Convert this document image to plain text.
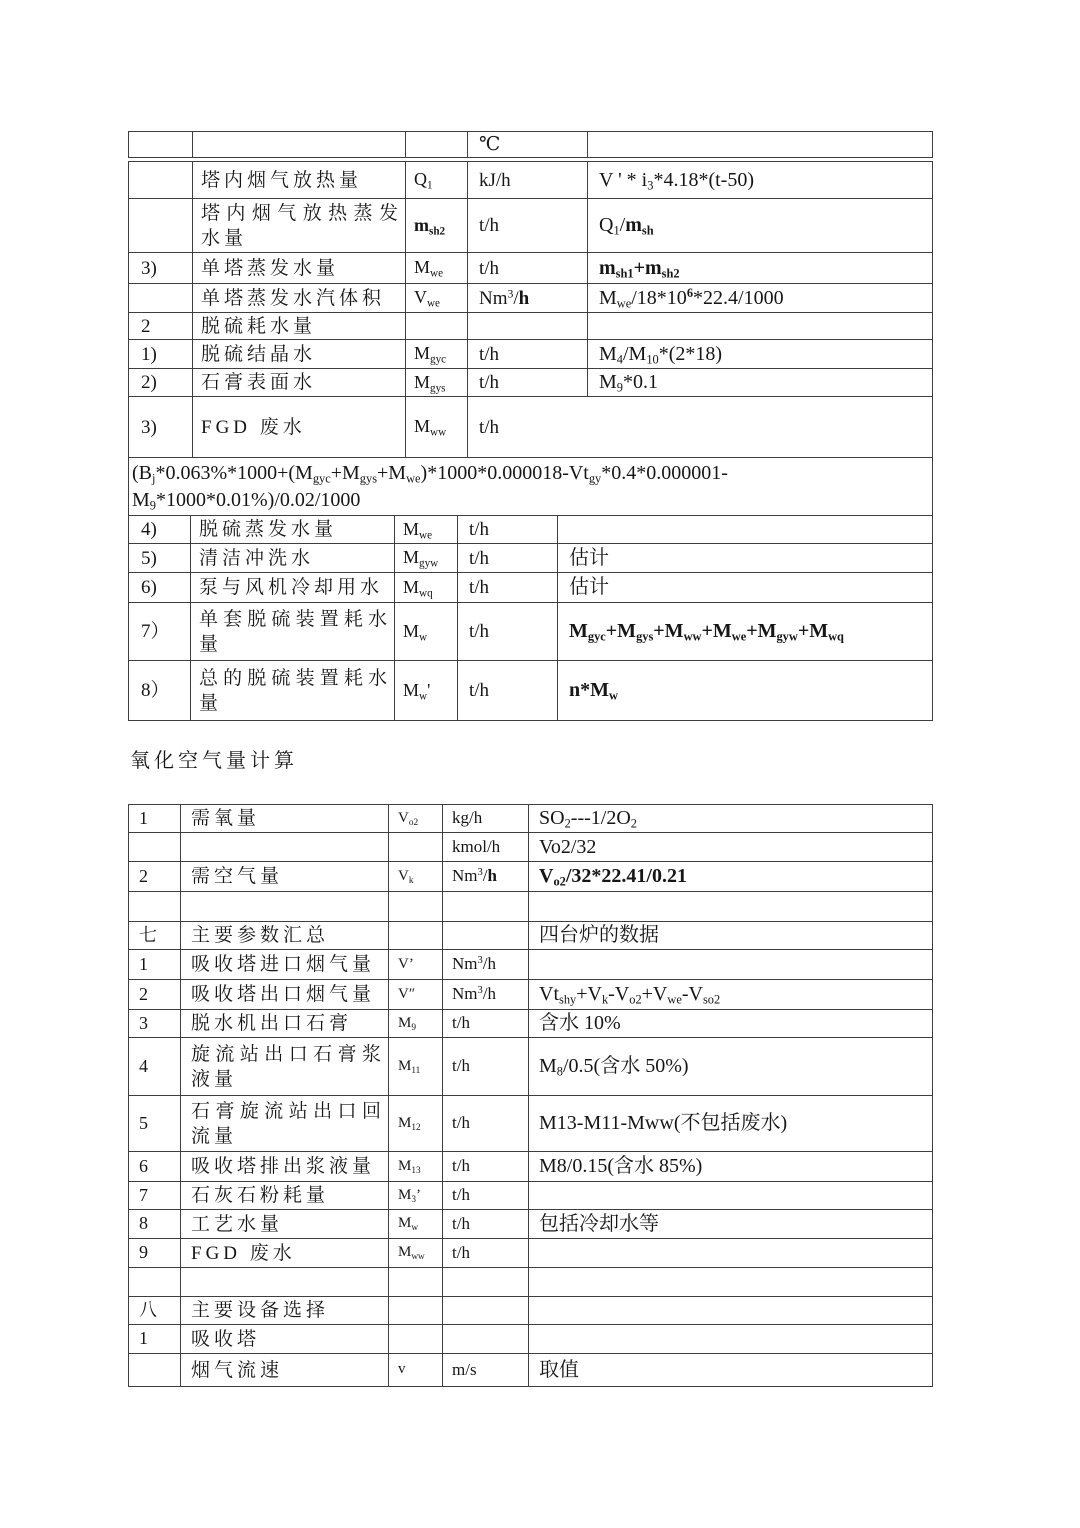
			℃	
	塔内烟气放热量	$Q_1$	kJ/h	V ' * $i_3*4.18*(t-50)$
	塔内烟气放热蒸发水量	$m_{sh2}$	t/h	$Q_1/m_{sh}$
3)	单塔蒸发水量	$M_{we}$	t/h	$m_{sh1}+m_{sh2}$
	单塔蒸发水汽体积	$V_{we}$	Nm$^3$/h	$M_{we}/18*10^6*22.4/1000$
2	脱硫耗水量			
1)	脱硫结晶水	$M_{gyc}$	t/h	$M_4/M_{10}*(2*18)$
2)	石膏表面水	$M_{gys}$	t/h	$M_9*0.1$
3)	FGD 废水	$M_{ww}$	t/h	
$(B_j*0.063\%*1000+(M_{gyc}+M_{gys}+M_{we})*1000*0.000018-Vt_{gy}*0.4*0.000001-M_9*1000*0.01\%)/0.02/1000$				
4)	脱硫蒸发水量	$M_{we}$	t/h	
5)	清洁冲洗水	$M_{gyw}$	t/h	估计
6)	泵与风机冷却用水	$M_{wq}$	t/h	估计
7）	单套脱硫装置耗水量	$M_w$	t/h	$M_{gyc}+M_{gys}+M_{ww}+M_{we}+M_{gyw}+M_{wq}$
8）	总的脱硫装置耗水量	$M_w'$	t/h	$n*M_w$
氧化空气量计算
1	需氧量	$V_{o2}$	kg/h	$SO_2---1/2O_2$
			kmol/h	Vo2/32
2	需空气量	$V_k$	Nm$^3$/h	$V_{o2}/32*22.41/0.21$

七	主要参数汇总			四台炉的数据
1	吸收塔进口烟气量	V’	Nm$^3$/h	
2	吸收塔出口烟气量	V″	Nm$^3$/h	$Vt_{shy}+V_k-V_{o2}+V_{we}-V_{so2}$
3	脱水机出口石膏	$M_9$	t/h	含水 10%
4	旋流站出口石膏浆液量	$M_{11}$	t/h	$M_8/0.5$(含水 50%)
5	石膏旋流站出口回流量	$M_{12}$	t/h	M13-M11-Mww(不包括废水)
6	吸收塔排出浆液量	$M_{13}$	t/h	M8/0.15(含水 85%)
7	石灰石粉耗量	$M_3$’	t/h	
8	工艺水量	$M_w$	t/h	包括冷却水等
9	FGD 废水	$M_{ww}$	t/h	

八	主要设备选择			
1	吸收塔			
	烟气流速	v	m/s	取值
